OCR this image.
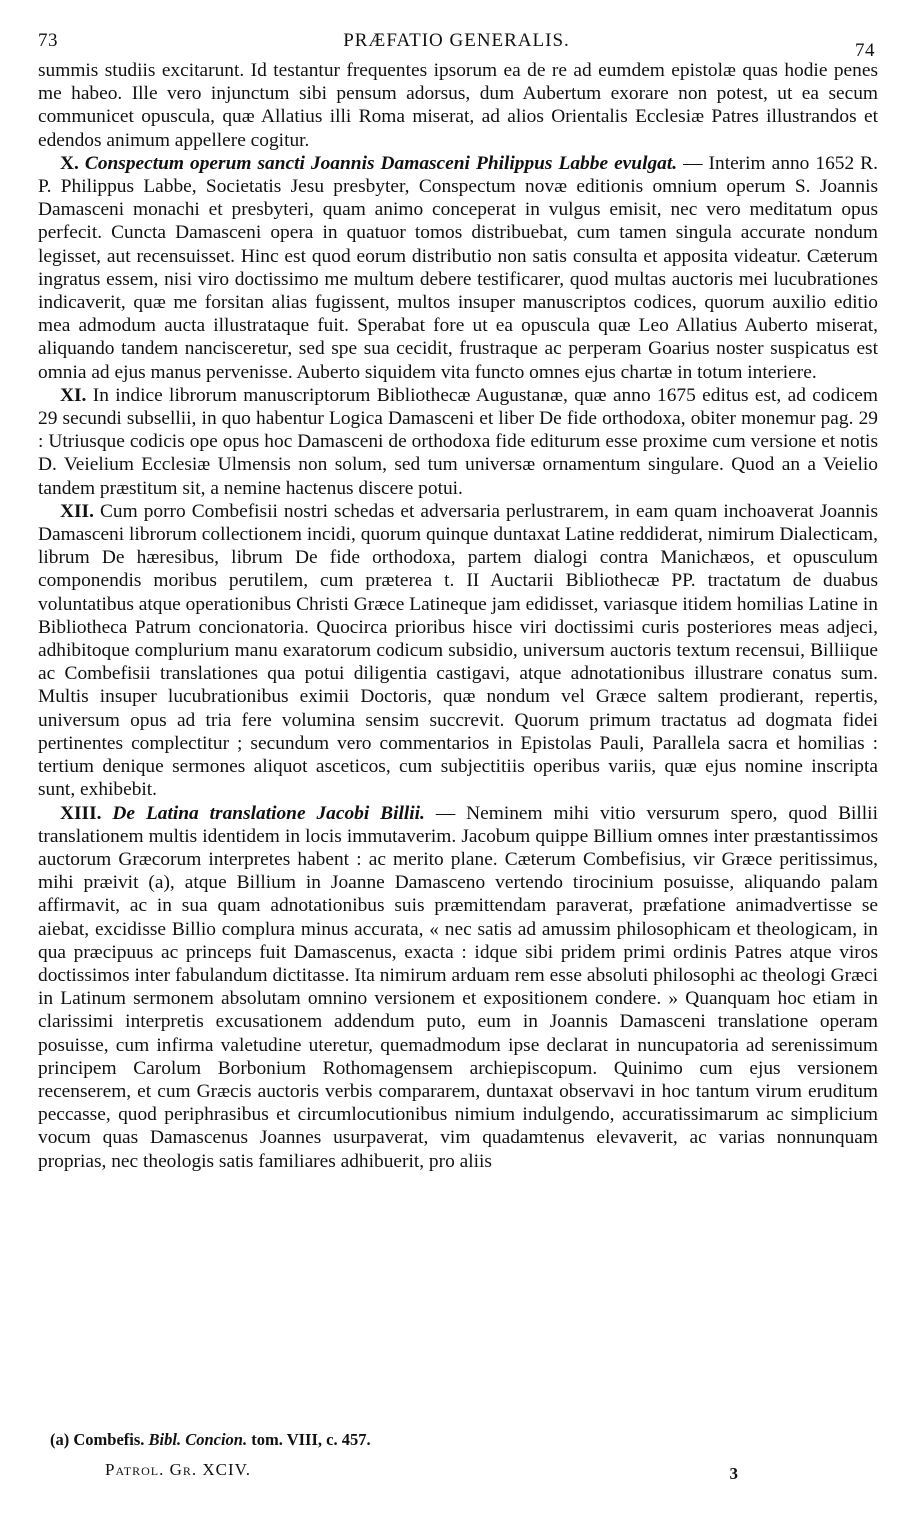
73	PRÆFATIO GENERALIS.	74

summis studiis excitarunt. Id testantur frequentes ipsorum ea de re ad eumdem epistolæ quas hodie penes me habeo. Ille vero injunctum sibi pensum adorsus, dum Aubertum exorare non potest, ut ea secum communicet opuscula, quæ Allatius illi Roma miserat, ad alios Orientalis Ecclesiæ Patres illustrandos et edendos animum appellere cogitur.

X. Conspectum operum sancti Joannis Damasceni Philippus Labbe evulgat. — Interim anno 1652 R. P. Philippus Labbe, Societatis Jesu presbyter, Conspectum novæ editionis omnium operum S. Joannis Damasceni monachi et presbyteri, quam animo conceperat in vulgus emisit, nec vero meditatum opus perfecit. Cuncta Damasceni opera in quatuor tomos distribuebat, cum tamen singula accurate nondum legisset, aut recensuisset. Hinc est quod eorum distributio non satis consulta et apposita videatur. Cæterum ingratus essem, nisi viro doctissimo me multum debere testificarer, quod multas auctoris mei lucubrationes indicaverit, quæ me forsitan alias fugissent, multos insuper manuscriptos codices, quorum auxilio editio mea admodum aucta illustrataque fuit. Sperabat fore ut ea opuscula quæ Leo Allatius Auberto miserat, aliquando tandem nancisceretur, sed spe sua cecidit, frustraque ac perperam Goarius noster suspicatus est omnia ad ejus manus pervenisse. Auberto siquidem vita functo omnes ejus chartæ in totum interiere.

XI. In indice librorum manuscriptorum Bibliothecæ Augustanæ, quæ anno 1675 editus est, ad codicem 29 secundi subsellii, in quo habentur Logica Damasceni et liber De fide orthodoxa, obiter monemur pag. 29 : Utriusque codicis ope opus hoc Damasceni de orthodoxa fide editurum esse proxime cum versione et notis D. Veielium Ecclesiæ Ulmensis non solum, sed tum universæ ornamentum singulare. Quod an a Veielio tandem præstitum sit, a nemine hactenus discere potui.

XII. Cum porro Combefisii nostri schedas et adversaria perlustrarem, in eam quam inchoaverat Joannis Damasceni librorum collectionem incidi, quorum quinque duntaxat Latine reddiderat, nimirum Dialecticam, librum De hæresibus, librum De fide orthodoxa, partem dialogi contra Manichæos, et opusculum componendis moribus perutilem, cum præterea t. II Auctarii Bibliothecæ PP. tractatum de duabus voluntatibus atque operationibus Christi Græce Latineque jam edidisset, variasque itidem homilias Latine in Bibliotheca Patrum concionatoria. Quocirca prioribus hisce viri doctissimi curis posteriores meas adjeci, adhibitoque complurium manu exaratorum codicum subsidio, universum auctoris textum recensui, Billiique ac Combefisii translationes qua potui diligentia castigavi, atque adnotationibus illustrare conatus sum. Multis insuper lucubrationibus eximii Doctoris, quæ nondum vel Græce saltem prodierant, repertis, universum opus ad tria fere volumina sensim succrevit. Quorum primum tractatus ad dogmata fidei pertinentes complectitur ; secundum vero commentarios in Epistolas Pauli, Parallela sacra et homilias : tertium denique sermones aliquot asceticos, cum subjectitiis operibus variis, quæ ejus nomine inscripta sunt, exhibebit.

XIII. De Latina translatione Jacobi Billii. — Neminem mihi vitio versurum spero, quod Billii translationem multis identidem in locis immutaverim. Jacobum quippe Billium omnes inter præstantissimos auctorum Græcorum interpretes habent : ac merito plane. Cæterum Combefisius, vir Græce peritissimus, mihi præivit (a), atque Billium in Joanne Damasceno vertendo tirocinium posuisse, aliquando palam affirmavit, ac in sua quam adnotationibus suis præmittendam paraverat, præfatione animadvertisse se aiebat, excidisse Billio complura minus accurata, « nec satis ad amussim philosophicam et theologicam, in qua præcipuus ac princeps fuit Damascenus, exacta : idque sibi pridem primi ordinis Patres atque viros doctissimos inter fabulandum dictitasse. Ita nimirum arduam rem esse absoluti philosophi ac theologi Græci in Latinum sermonem absolutam omnino versionem et expositionem condere. » Quanquam hoc etiam in clarissimi interpretis excusationem addendum puto, eum in Joannis Damasceni translatione operam posuisse, cum infirma valetudine uteretur, quemadmodum ipse declarat in nuncupatoria ad serenissimum principem Carolum Borbonium Rothomagensem archiepiscopum. Quinimo cum ejus versionem recenserem, et cum Græcis auctoris verbis compararem, duntaxat observavi in hoc tantum virum eruditum peccasse, quod periphrasibus et circumlocutionibus nimium indulgendo, accuratissimarum ac simplicium vocum quas Damascenus Joannes usurpaverat, vim quadamtenus elevaverit, ac varias nonnunquam proprias, nec theologis satis familiares adhibuerit, pro aliis

(a) Combefis. Bibl. Concion. tom. VIII, c. 457.
Patrol. Gr. XCIV.	3
